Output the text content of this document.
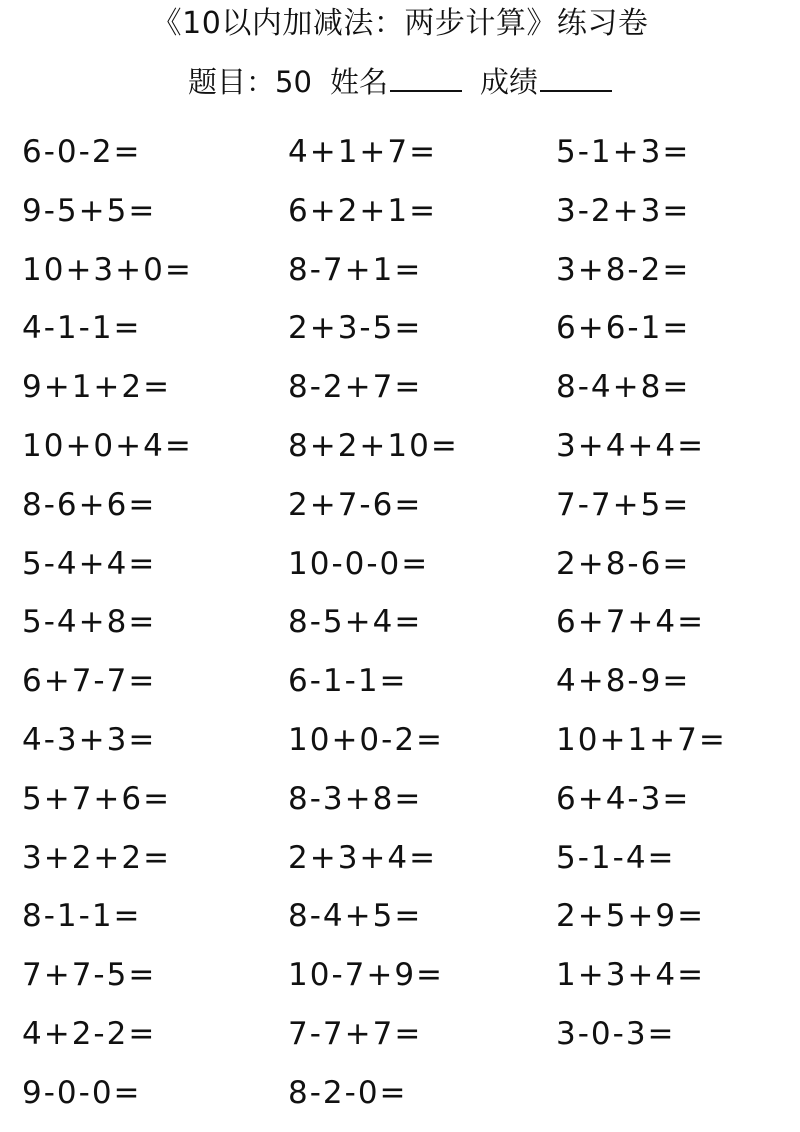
《10以内加减法：两步计算》练习卷
题目：50 姓名	成绩
6-0-2=	4+1+7=	5-1+3=
9-5+5=	6+2+1=	3-2+3=
10+3+0=	8-7+1=	3+8-2=
4-1-1=	2+3-5=	6+6-1=
9+1+2=	8-2+7=	8-4+8=
10+0+4=	8+2+10=	3+4+4=
8-6+6=	2+7-6=	7-7+5=
5-4+4=	10-0-0=	2+8-6=
5-4+8=	8-5+4=	6+7+4=
6+7-7=	6-1-1=	4+8-9=
4-3+3=	10+0-2=	10+1+7=
5+7+6=	8-3+8=	6+4-3=
3+2+2=	2+3+4=	5-1-4=
8-1-1=	8-4+5=	2+5+9=
7+7-5=	10-7+9=	1+3+4=
4+2-2=	7-7+7=	3-0-3=
9-0-0=	8-2-0=
